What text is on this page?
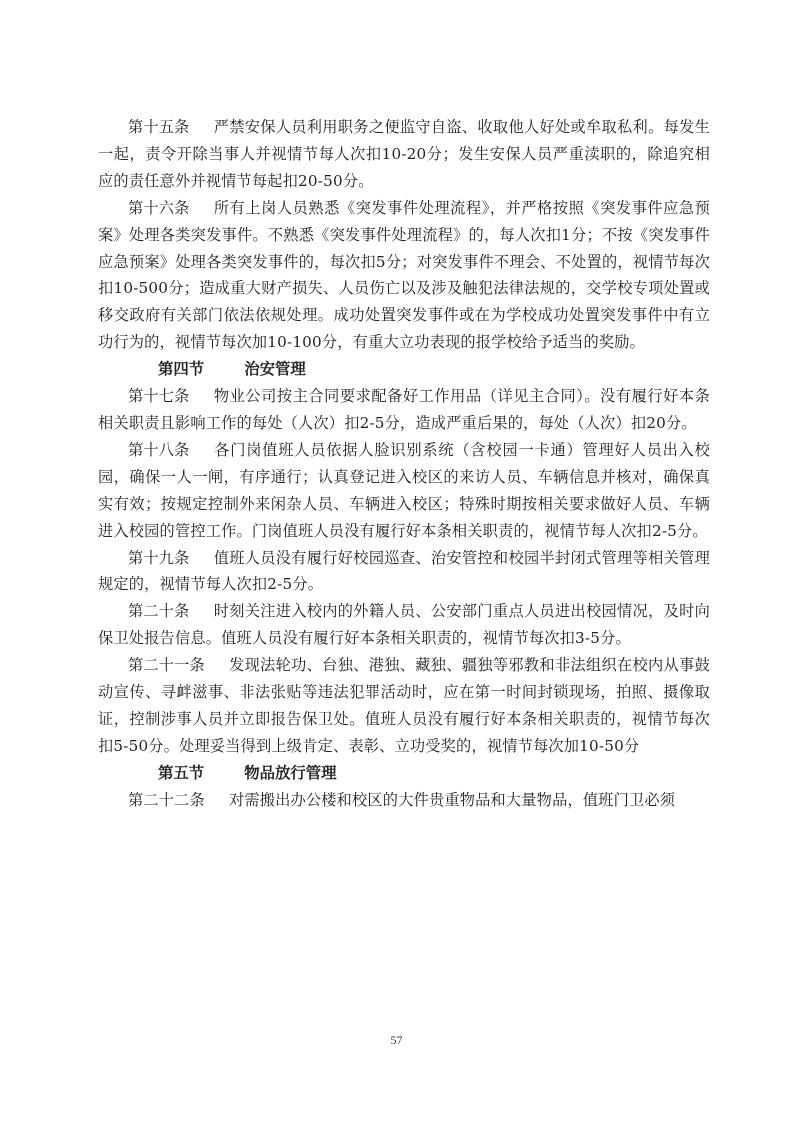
第十五条 严禁安保人员利用职务之便监守自盗、收取他人好处或牟取私利。每发生一起，责令开除当事人并视情节每人次扣10-20分；发生安保人员严重渎职的，除追究相应的责任意外并视情节每起扣20-50分。

第十六条 所有上岗人员熟悉《突发事件处理流程》，并严格按照《突发事件应急预案》处理各类突发事件。不熟悉《突发事件处理流程》的，每人次扣1分；不按《突发事件应急预案》处理各类突发事件的，每次扣5分；对突发事件不理会、不处置的，视情节每次扣10-500分；造成重大财产损失、人员伤亡以及涉及触犯法律法规的，交学校专项处置或移交政府有关部门依法依规处理。成功处置突发事件或在为学校成功处置突发事件中有立功行为的，视情节每次加10-100分，有重大立功表现的报学校给予适当的奖励。

第四节	治安管理

第十七条 物业公司按主合同要求配备好工作用品（详见主合同）。没有履行好本条相关职责且影响工作的每处（人次）扣2-5分，造成严重后果的，每处（人次）扣20分。

第十八条 各门岗值班人员依据人脸识别系统（含校园一卡通）管理好人员出入校园，确保一人一闸，有序通行；认真登记进入校区的来访人员、车辆信息并核对，确保真实有效；按规定控制外来闲杂人员、车辆进入校区；特殊时期按相关要求做好人员、车辆进入校园的管控工作。门岗值班人员没有履行好本条相关职责的，视情节每人次扣2-5分。

第十九条 值班人员没有履行好校园巡查、治安管控和校园半封闭式管理等相关管理规定的，视情节每人次扣2-5分。

第二十条 时刻关注进入校内的外籍人员、公安部门重点人员进出校园情况，及时向保卫处报告信息。值班人员没有履行好本条相关职责的，视情节每次扣3-5分。

第二十一条 发现法轮功、台独、港独、藏独、疆独等邪教和非法组织在校内从事鼓动宣传、寻衅滋事、非法张贴等违法犯罪活动时，应在第一时间封锁现场，拍照、摄像取证，控制涉事人员并立即报告保卫处。值班人员没有履行好本条相关职责的，视情节每次扣5-50分。处理妥当得到上级肯定、表彰、立功受奖的，视情节每次加10-50分

第五节	物品放行管理

第二十二条 对需搬出办公楼和校区的大件贵重物品和大量物品，值班门卫必须

57
